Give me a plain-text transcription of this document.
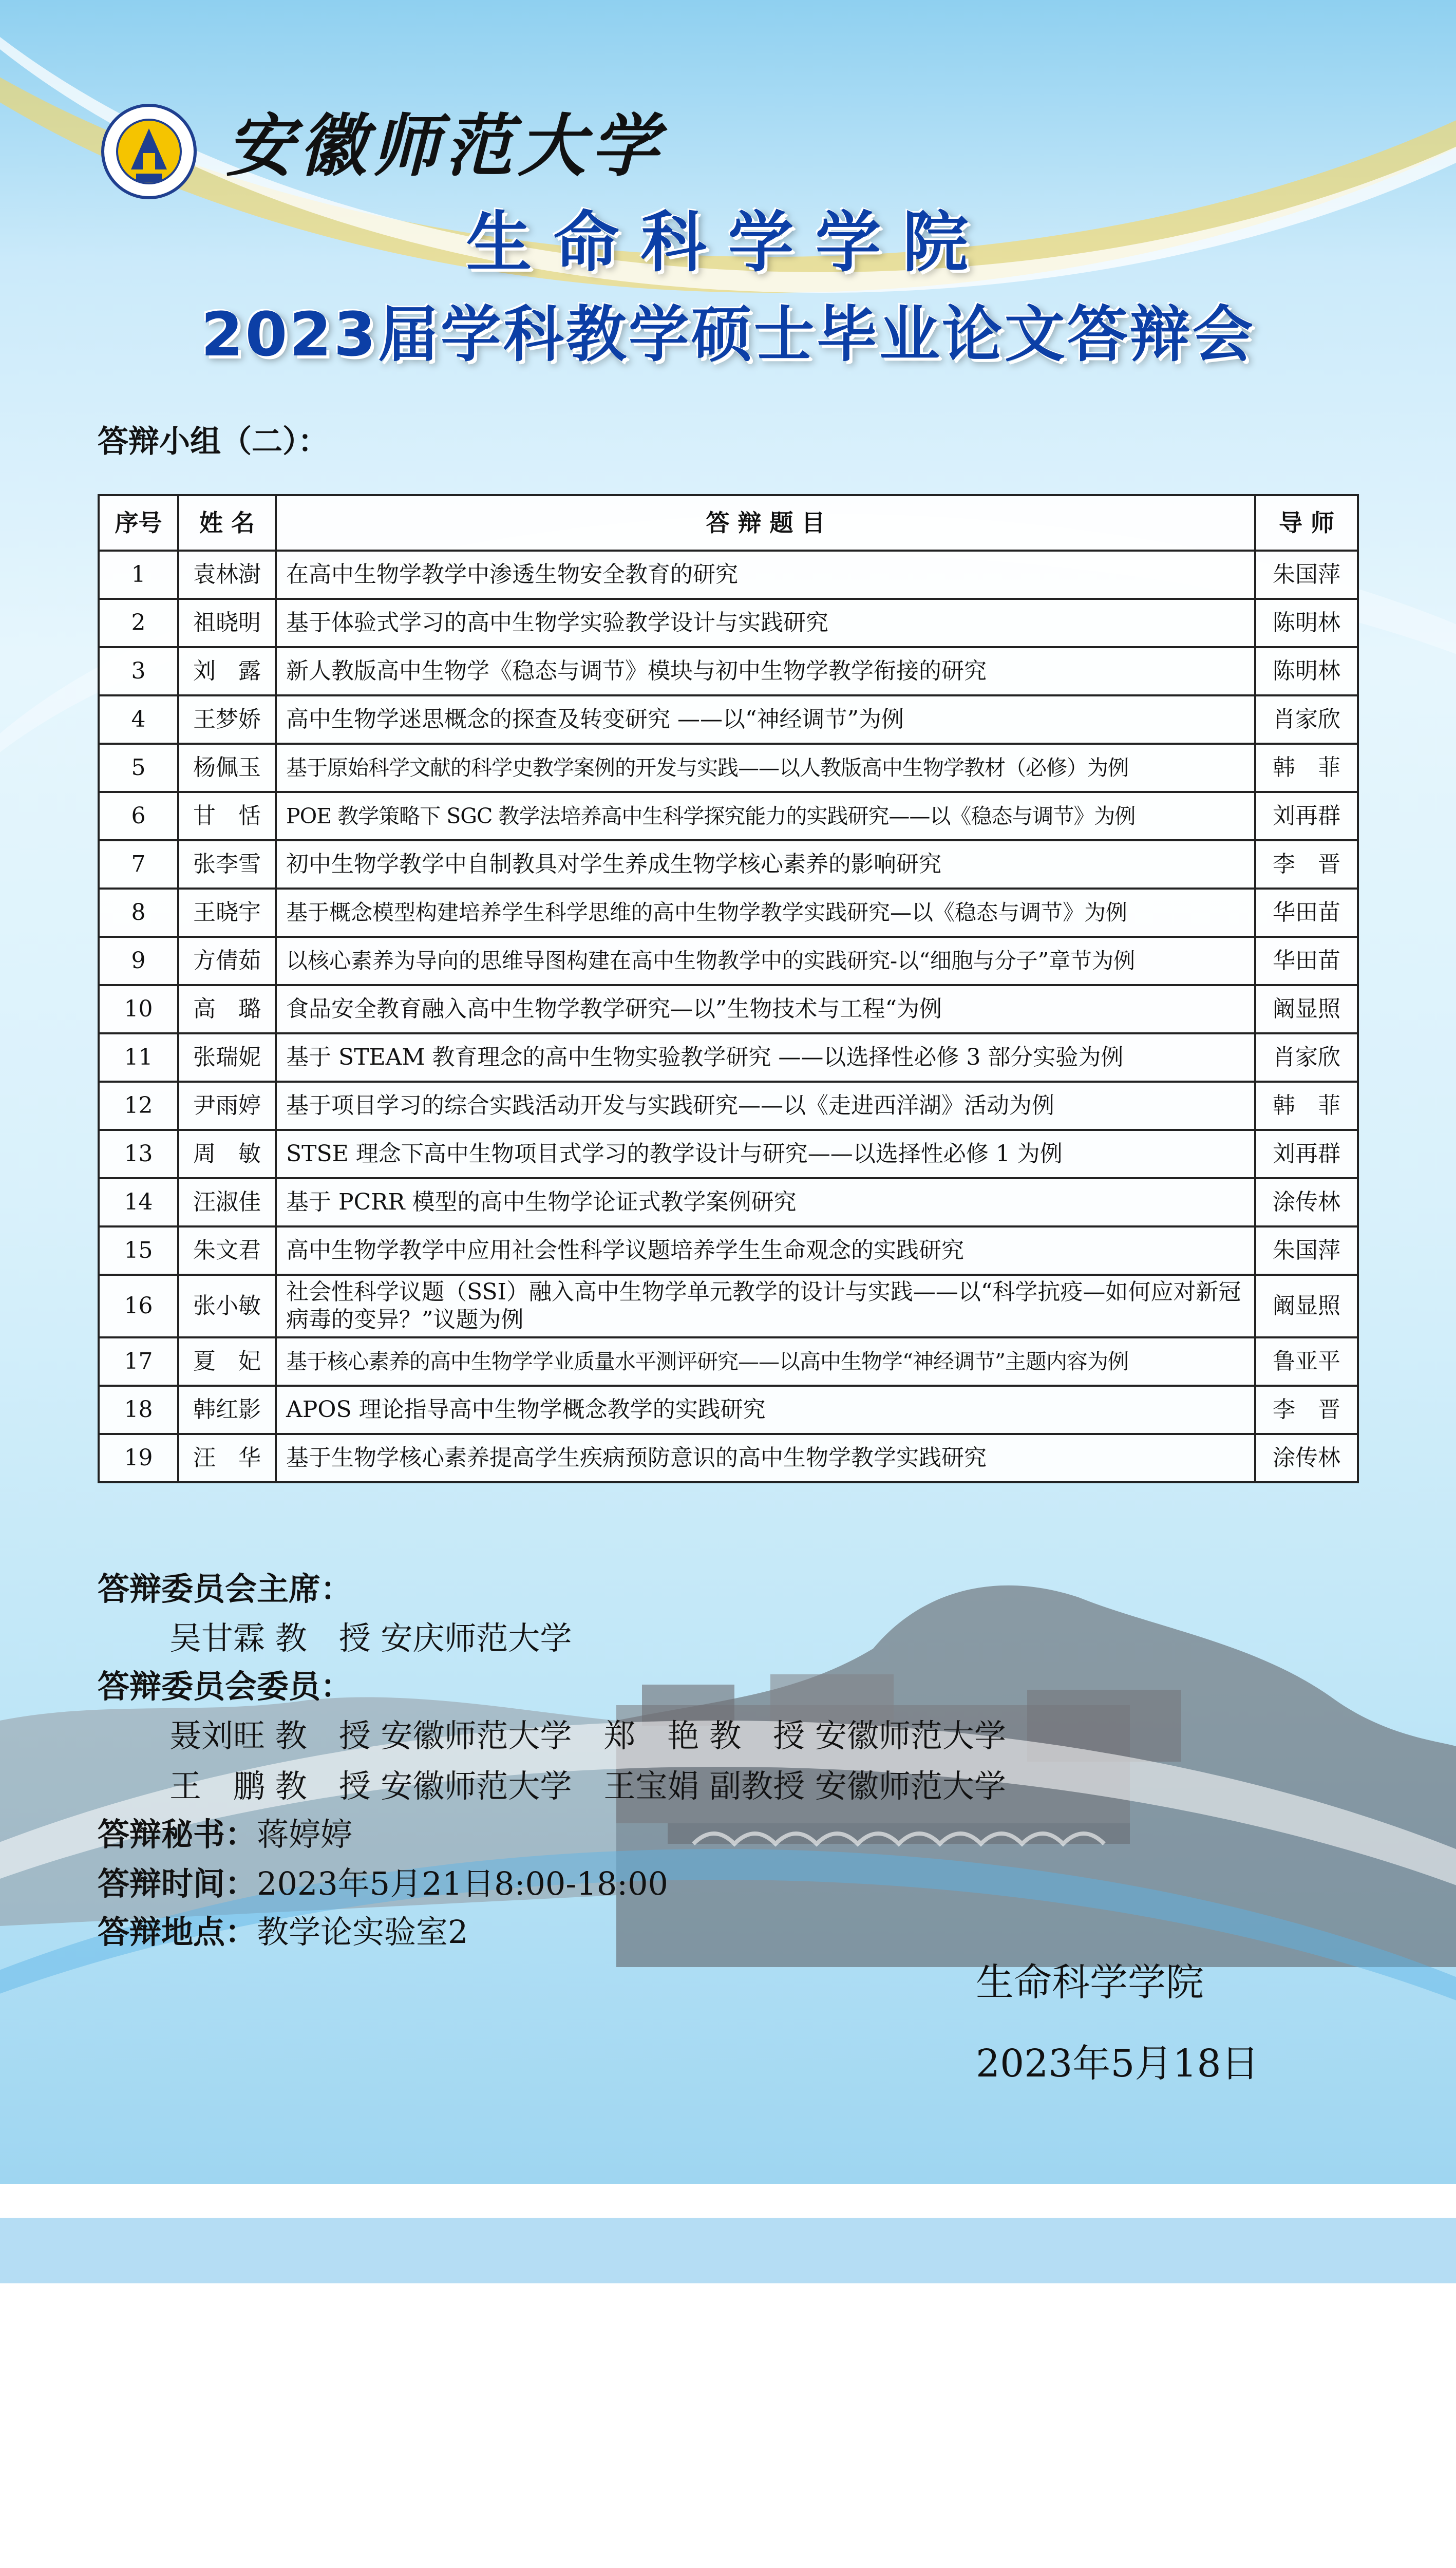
安徽师范大学
生命科学学院
2023届学科教学硕士毕业论文答辩会
答辩小组（二）：
序号	姓 名	答 辩 题 目	导 师
1	袁林澍	在高中生物学教学中渗透生物安全教育的研究	朱国萍
2	祖晓明	基于体验式学习的高中生物学实验教学设计与实践研究	陈明林
3	刘　露	新人教版高中生物学《稳态与调节》模块与初中生物学教学衔接的研究	陈明林
4	王梦娇	高中生物学迷思概念的探查及转变研究 ——以“神经调节”为例	肖家欣
5	杨佩玉	基于原始科学文献的科学史教学案例的开发与实践——以人教版高中生物学教材（必修）为例	韩　菲
6	甘　恬	POE 教学策略下 SGC 教学法培养高中生科学探究能力的实践研究——以《稳态与调节》为例	刘再群
7	张李雪	初中生物学教学中自制教具对学生养成生物学核心素养的影响研究	李　晋
8	王晓宇	基于概念模型构建培养学生科学思维的高中生物学教学实践研究—以《稳态与调节》为例	华田苗
9	方倩茹	以核心素养为导向的思维导图构建在高中生物教学中的实践研究-以“细胞与分子”章节为例	华田苗
10	高　璐	食品安全教育融入高中生物学教学研究—以”生物技术与工程“为例	阚显照
11	张瑞妮	基于 STEAM 教育理念的高中生物实验教学研究 ——以选择性必修 3 部分实验为例	肖家欣
12	尹雨婷	基于项目学习的综合实践活动开发与实践研究——以《走进西洋湖》活动为例	韩　菲
13	周　敏	STSE 理念下高中生物项目式学习的教学设计与研究——以选择性必修 1 为例	刘再群
14	汪淑佳	基于 PCRR 模型的高中生物学论证式教学案例研究	涂传林
15	朱文君	高中生物学教学中应用社会性科学议题培养学生生命观念的实践研究	朱国萍
16	张小敏	社会性科学议题（SSI）融入高中生物学单元教学的设计与实践——以“科学抗疫—如何应对新冠病毒的变异？”议题为例	阚显照
17	夏　妃	基于核心素养的高中生物学学业质量水平测评研究——以高中生物学“神经调节”主题内容为例	鲁亚平
18	韩红影	APOS 理论指导高中生物学概念教学的实践研究	李　晋
19	汪　华	基于生物学核心素养提高学生疾病预防意识的高中生物学教学实践研究	涂传林
答辩委员会主席：
吴甘霖 教　授 安庆师范大学
答辩委员会委员：
聂刘旺 教　授 安徽师范大学　郑　艳 教　授 安徽师范大学
王　鹏 教　授 安徽师范大学　王宝娟 副教授 安徽师范大学
答辩秘书：蒋婷婷
答辩时间：2023年5月21日8:00-18:00
答辩地点：教学论实验室2
生命科学学院
2023年5月18日
